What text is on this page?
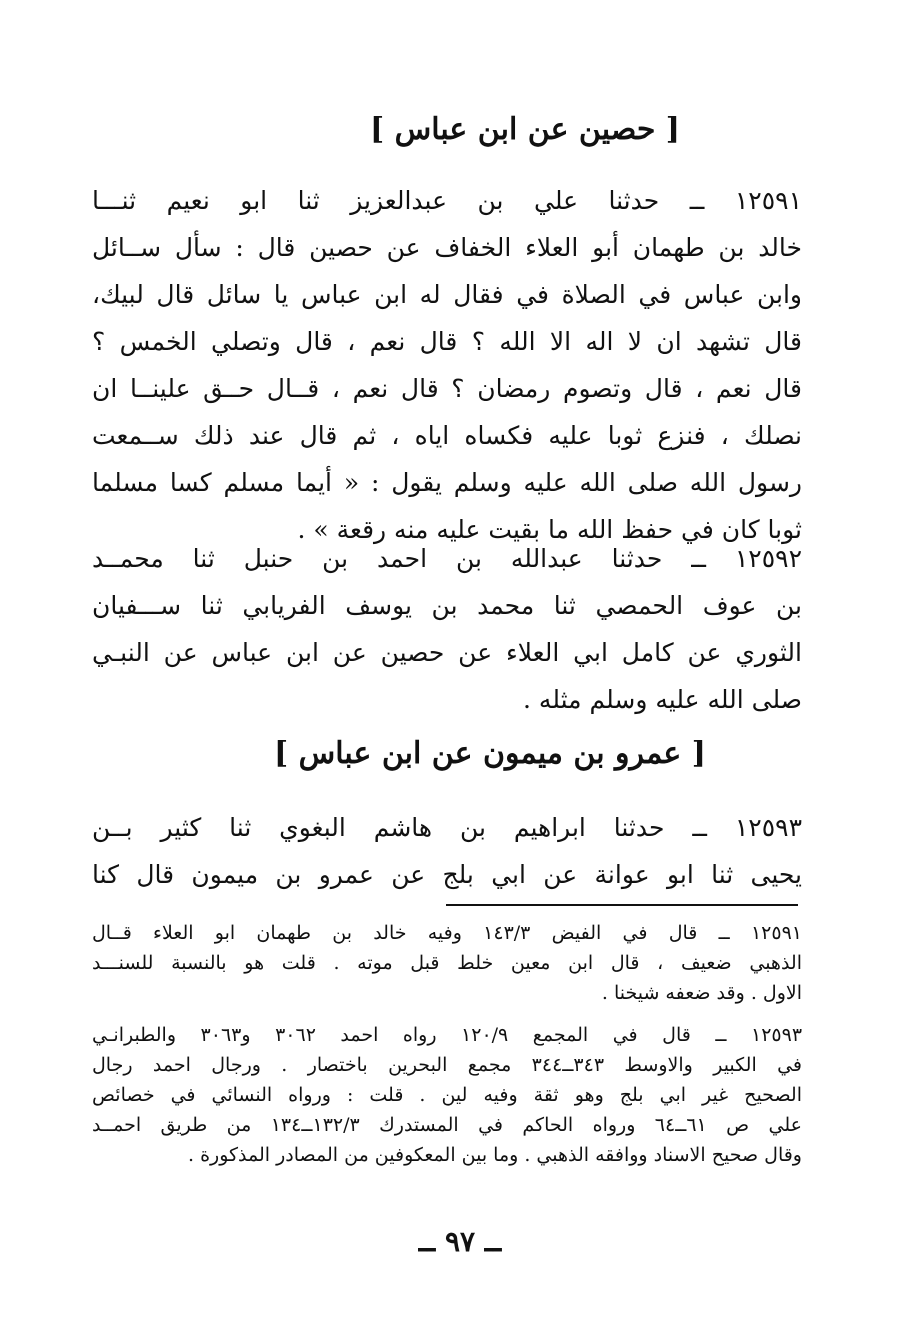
[ حصين عن ابن عباس ]
١٢٥٩١ ــ حدثنا علي بن عبدالعزيز ثنا ابو نعيم ثنـــا
خالد بن طهمان أبو العلاء الخفاف عن حصين قال : سأل ســائل
وابن عباس في الصلاة في فقال له ابن عباس يا سائل قال لبيك،
قال تشهد ان لا اله الا الله ؟ قال نعم ، قال وتصلي الخمس ؟
قال نعم ، قال وتصوم رمضان ؟ قال نعم ، قــال حــق علينــا ان
نصلك ، فنزع ثوبا عليه فكساه اياه ، ثم قال عند ذلك ســمعت
رسول الله صلى الله عليه وسلم يقول : « أيما مسلم كسا مسلما
ثوبا كان في حفظ الله ما بقيت عليه منه رقعة » .
١٢٥٩٢ ــ حدثنا عبدالله بن احمد بن حنبل ثنا محمــد
بن عوف الحمصي ثنا محمد بن يوسف الفريابي ثنا ســـفيان
الثوري عن كامل ابي العلاء عن حصين عن ابن عباس عن النبـي
صلى الله عليه وسلم مثله .
[ عمرو بن ميمون عن ابن عباس ]
١٢٥٩٣ ــ حدثنا ابراهيم بن هاشم البغوي ثنا كثير بــن
يحيى ثنا ابو عوانة عن ابي بلج عن عمرو بن ميمون قال كنا
١٢٥٩١ ــ قال في الفيض ١٤٣/٣ وفيه خالد بن طهمان ابو العلاء قــال
الذهبي ضعيف ، قال ابن معين خلط قبل موته . قلت هو بالنسبة للسنـــد
الاول . وقد ضعفه شيخنا .
١٢٥٩٣ ــ قال في المجمع ١٢٠/٩ رواه احمد ٣٠٦٢ و٣٠٦٣ والطبرانـي
في الكبير والاوسط ٣٤٣ــ٣٤٤ مجمع البحرين باختصار . ورجال احمد رجال
الصحيح غير ابي بلج وهو ثقة وفيه لين . قلت : ورواه النسائي في خصائص
علي ص ٦١ــ٦٤ ورواه الحاكم في المستدرك ١٣٢/٣ــ١٣٤ من طريق احمــد
وقال صحيح الاسناد ووافقه الذهبي . وما بين المعكوفين من المصادر المذكورة .
ــ ٩٧ ــ
